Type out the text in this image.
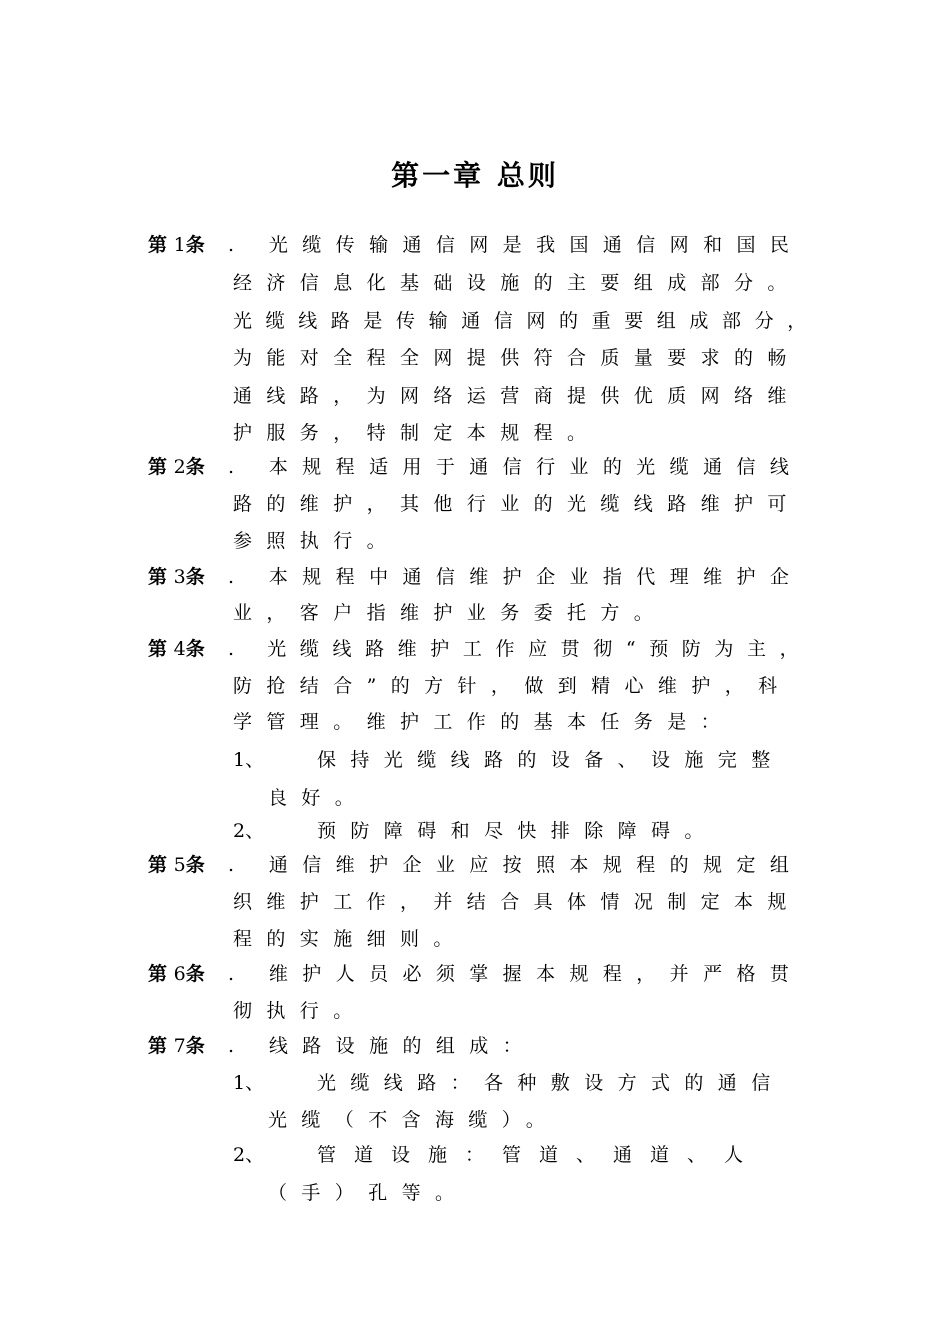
第一章 总则
第 1条 . 光缆传输通信网是我国通信网和国民
经济信息化基础设施的主要组成部分。
光缆线路是传输通信网的重要组成部分，
为能对全程全网提供符合质量要求的畅
通线路，为网络运营商提供优质网络维
护服务，特制定本规程。
第 2条 . 本规程适用于通信行业的光缆通信线
路的维护，其他行业的光缆线路维护可
参照执行。
第 3条 . 本规程中通信维护企业指代理维护企
业，客户指维护业务委托方。
第 4条 . 光缆线路维护工作应贯彻“预防为主，
防抢结合”的方针，做到精心维护，科
学管理。维护工作的基本任务是：
1、	保持光缆线路的设备、设施完整
良好。
2、	预防障碍和尽快排除障碍。
第 5条 . 通信维护企业应按照本规程的规定组
织维护工作，并结合具体情况制定本规
程的实施细则。
第 6条 . 维护人员必须掌握本规程，并严格贯
彻执行。
第 7条 . 线路设施的组成：
1、	光缆线路：各种敷设方式的通信
光缆（不含海缆）。
2、	管道设施：管道、通道、人
（手）孔等。
